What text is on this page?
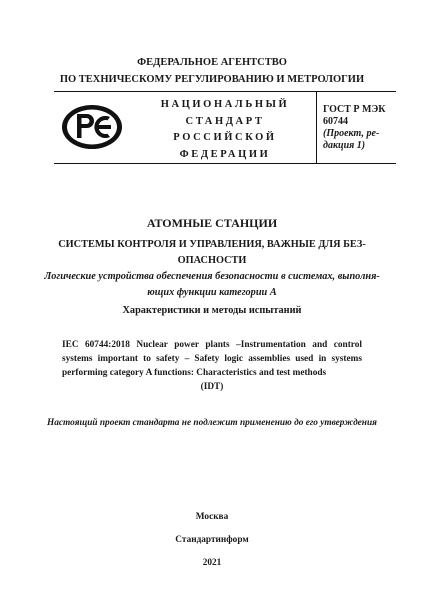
ФЕДЕРАЛЬНОЕ АГЕНТСТВО
ПО ТЕХНИЧЕСКОМУ РЕГУЛИРОВАНИЮ И МЕТРОЛОГИИ
НАЦИОНАЛЬНЫЙ
СТАНДАРТ
РОССИЙСКОЙ
ФЕДЕРАЦИИ
ГОСТ Р МЭК
60744
(Проект, ре-
дакция 1)
АТОМНЫЕ СТАНЦИИ
СИСТЕМЫ КОНТРОЛЯ И УПРАВЛЕНИЯ, ВАЖНЫЕ ДЛЯ БЕЗ-
ОПАСНОСТИ
Логические устройства обеспечения безопасности в системах, выполня-
ющих функции категории А
Характеристики и методы испытаний
IEC 60744:2018 Nuclear power plants –Instrumentation and control systems important to safety – Safety logic assemblies used in systems performing category A functions: Characteristics and test methods
(IDT)
Настоящий проект стандарта не подлежит применению до его утверждения
Москва
Стандартинформ
2021
